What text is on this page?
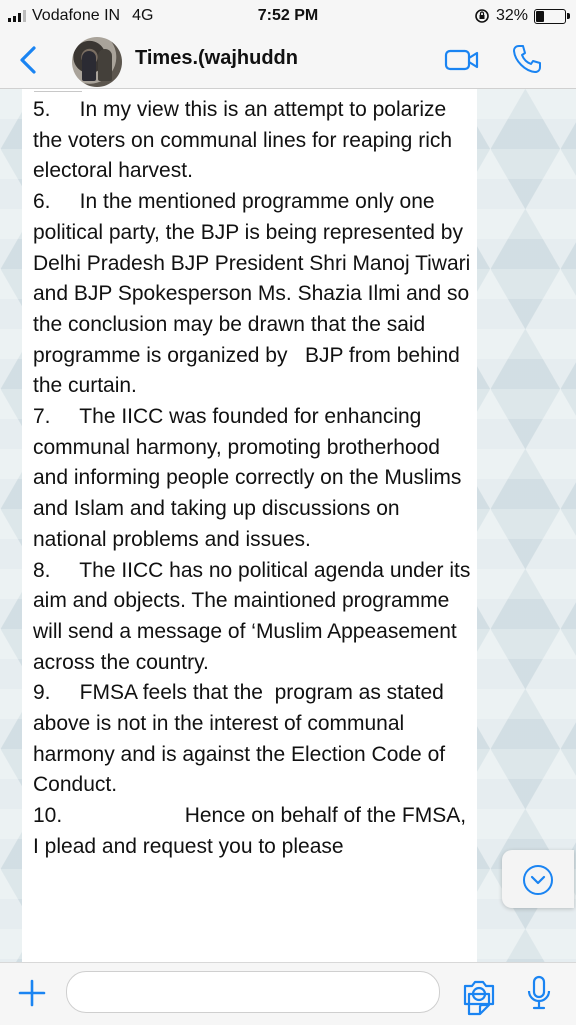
Vodafone IN 4G	7:52 PM	32%
Times.(wajhuddn

5.     In my view this is an attempt to polarize the voters on communal lines for reaping rich electoral harvest.

6.     In the mentioned programme only one political party, the BJP is being represented by Delhi Pradesh BJP President Shri Manoj Tiwari and BJP Spokesperson Ms. Shazia Ilmi and so the conclusion may be drawn that the said programme is organized by   BJP from behind the curtain.

7.     The IICC was founded for enhancing communal harmony, promoting brotherhood and informing people correctly on the Muslims and Islam and taking up discussions on national problems and issues.

8.     The IICC has no political agenda under its aim and objects. The maintioned programme will send a message of ‘Muslim Appeasement across the country.

9.     FMSA feels that the  program as stated above is not in the interest of communal harmony and is against the Election Code of Conduct.

10.                     Hence on behalf of the FMSA, I plead and request you to please
